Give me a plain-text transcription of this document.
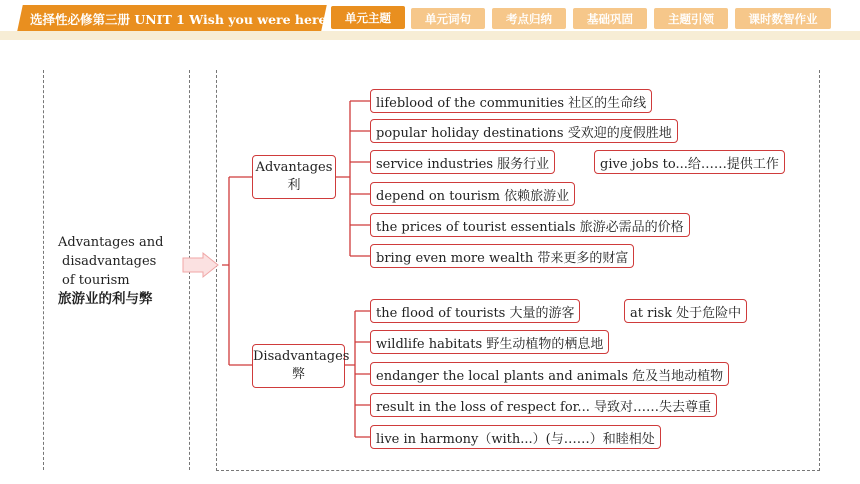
选择性必修第三册 UNIT 1 Wish you were here	单元主题	单元词句	考点归纳	基础巩固	主题引领	课时数智作业
Advantages and
disadvantages
of tourism
旅游业的利与弊
Advantages
利
Disadvantages
弊
lifeblood of the communities 社区的生命线
popular holiday destinations 受欢迎的度假胜地
service industries 服务行业	give jobs to...给……提供工作
depend on tourism 依赖旅游业
the prices of tourist essentials 旅游必需品的价格
bring even more wealth 带来更多的财富
the flood of tourists 大量的游客	at risk 处于危险中
wildlife habitats 野生动植物的栖息地
endanger the local plants and animals 危及当地动植物
result in the loss of respect for... 导致对……失去尊重
live in harmony（with...）(与……）和睦相处
